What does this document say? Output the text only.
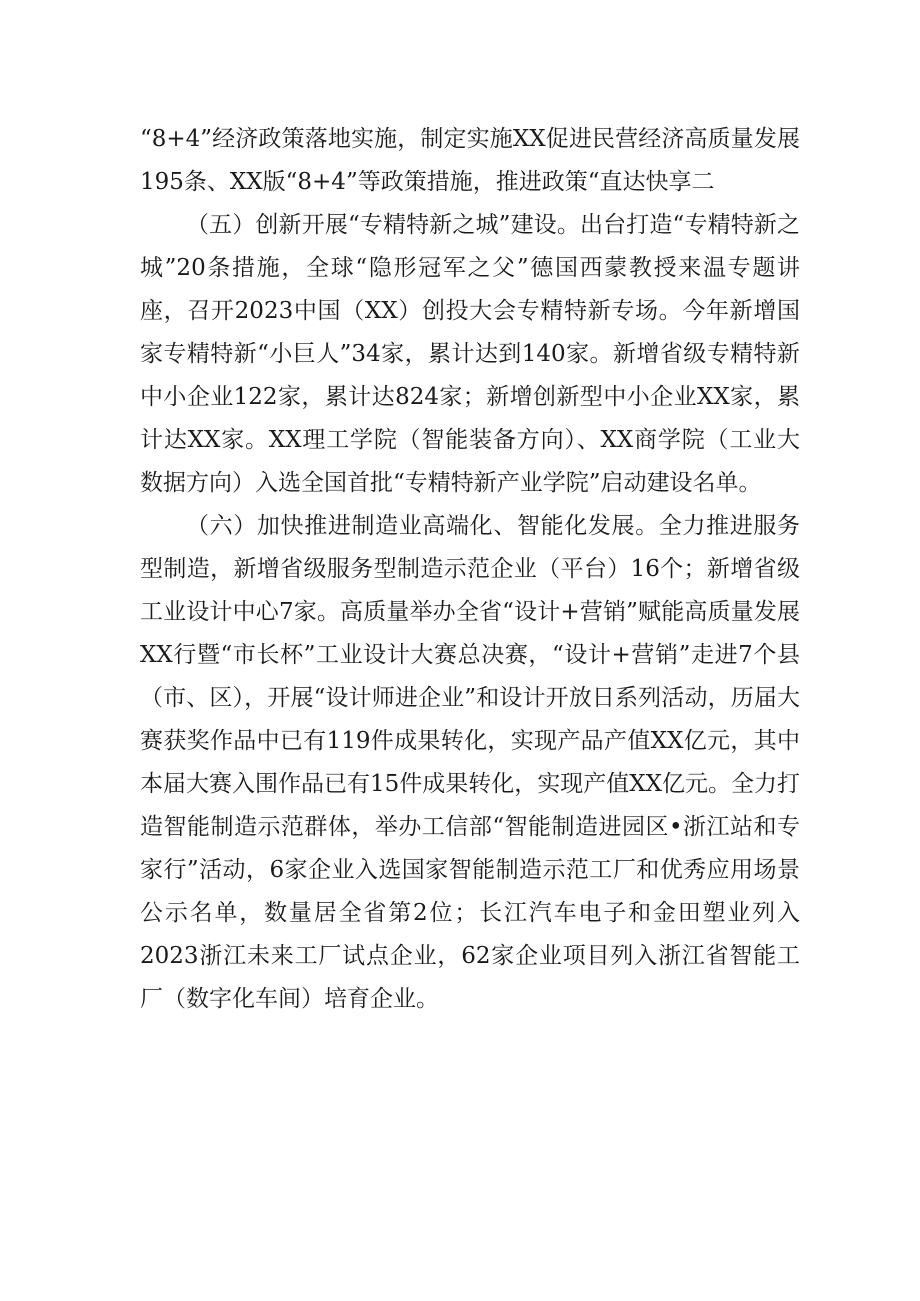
“8+4”经济政策落地实施，制定实施XX促进民营经济高质量发展195条、XX版“8+4”等政策措施，推进政策“直达快享二

（五）创新开展“专精特新之城”建设。出台打造“专精特新之城”20条措施，全球“隐形冠军之父”德国西蒙教授来温专题讲座，召开2023中国（XX）创投大会专精特新专场。今年新增国家专精特新“小巨人”34家，累计达到140家。新增省级专精特新中小企业122家，累计达824家；新增创新型中小企业XX家，累计达XX家。XX理工学院（智能装备方向）、XX商学院（工业大数据方向）入选全国首批“专精特新产业学院”启动建设名单。

（六）加快推进制造业高端化、智能化发展。全力推进服务型制造，新增省级服务型制造示范企业（平台）16个；新增省级工业设计中心7家。高质量举办全省“设计+营销”赋能高质量发展XX行暨“市长杯”工业设计大赛总决赛，“设计+营销”走进7个县（市、区），开展“设计师进企业”和设计开放日系列活动，历届大赛获奖作品中已有119件成果转化，实现产品产值XX亿元，其中本届大赛入围作品已有15件成果转化，实现产值XX亿元。全力打造智能制造示范群体，举办工信部“智能制造进园区•浙江站和专家行”活动，6家企业入选国家智能制造示范工厂和优秀应用场景公示名单，数量居全省第2位；长江汽车电子和金田塑业列入2023浙江未来工厂试点企业，62家企业项目列入浙江省智能工厂（数字化车间）培育企业。
